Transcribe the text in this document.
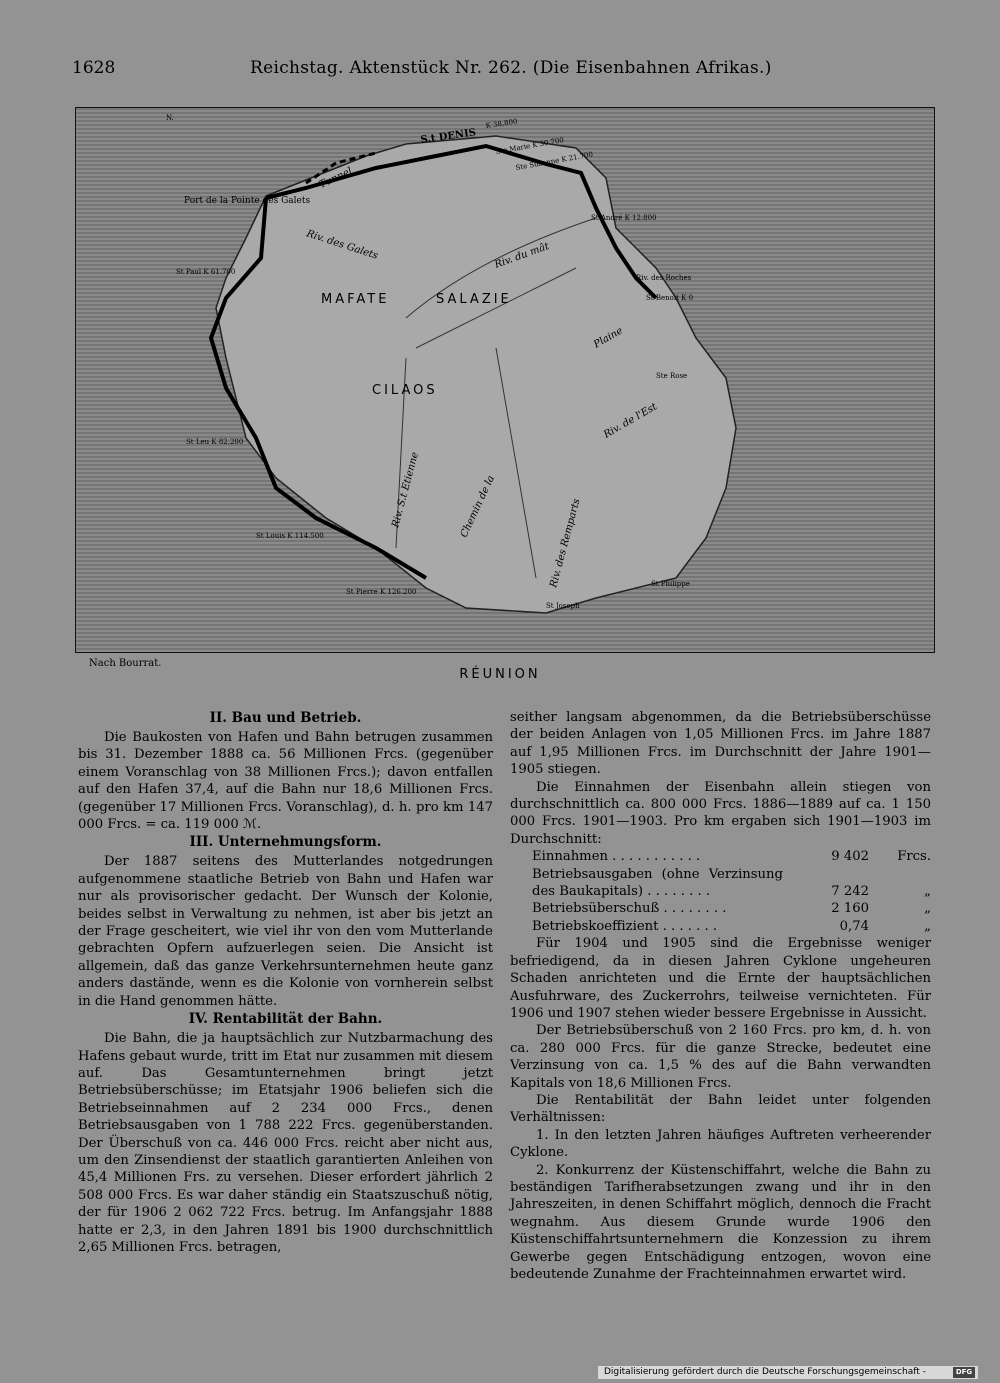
1628	Reichstag. Aktenstück Nr. 262. (Die Eisenbahnen Afrikas.)
MAFATE	SALAZIE
CILAOS
Riv. des Galets	Riv. du mât
Plaine
Riv. de l'Est
Riv. S.t Etienne	Chemin de la	Riv. des Remparts
Tunnel
Port de la Pointe des Galets
S.t DENIS
K 38,800
N.
Ste Marie K 30.700
Ste Suzanne K 21.700
St Benoit K 0
St André K 12.800
Ste Rose
Riv. des Roches
St Pierre K 126.200
St Louis K 114.500
St Leu K 82.200
St Paul K 61.700
St Joseph
St Philippe
Nach Bourrat.
RÉUNION
II. Bau und Betrieb.

Die Baukosten von Hafen und Bahn betrugen zusammen bis 31. Dezember 1888 ca. 56 Millionen Frcs. (gegenüber einem Voranschlag von 38 Millionen Frcs.); davon entfallen auf den Hafen 37,4, auf die Bahn nur 18,6 Millionen Frcs. (gegenüber 17 Millionen Frcs. Voranschlag), d. h. pro km 147 000 Frcs. = ca. 119 000 ℳ.

III. Unternehmungsform.

Der 1887 seitens des Mutterlandes notgedrungen aufgenommene staatliche Betrieb von Bahn und Hafen war nur als provisorischer gedacht. Der Wunsch der Kolonie, beides selbst in Verwaltung zu nehmen, ist aber bis jetzt an der Frage gescheitert, wie viel ihr von den vom Mutterlande gebrachten Opfern aufzuerlegen seien. Die Ansicht ist allgemein, daß das ganze Verkehrsunternehmen heute ganz anders dastände, wenn es die Kolonie von vornherein selbst in die Hand genommen hätte.

IV. Rentabilität der Bahn.

Die Bahn, die ja hauptsächlich zur Nutzbarmachung des Hafens gebaut wurde, tritt im Etat nur zusammen mit diesem auf. Das Gesamtunternehmen bringt jetzt Betriebsüberschüsse; im Etatsjahr 1906 beliefen sich die Betriebseinnahmen auf 2 234 000 Frcs., denen Betriebsausgaben von 1 788 222 Frcs. gegenüberstanden. Der Überschuß von ca. 446 000 Frcs. reicht aber nicht aus, um den Zinsendienst der staatlich garantierten Anleihen von 45,4 Millionen Frs. zu versehen. Dieser erfordert jährlich 2 508 000 Frcs. Es war daher ständig ein Staatszuschuß nötig, der für 1906 2 062 722 Frcs. betrug. Im Anfangsjahr 1888 hatte er 2,3, in den Jahren 1891 bis 1900 durchschnittlich 2,65 Millionen Frcs. betragen,

seither langsam abgenommen, da die Betriebsüberschüsse der beiden Anlagen von 1,05 Millionen Frcs. im Jahre 1887 auf 1,95 Millionen Frcs. im Durchschnitt der Jahre 1901—1905 stiegen.

Die Einnahmen der Eisenbahn allein stiegen von durchschnittlich ca. 800 000 Frcs. 1886—1889 auf ca. 1 150 000 Frcs. 1901—1903. Pro km ergaben sich 1901—1903 im Durchschnitt:

Einnahmen . . . . . . . . . . .	9 402	Frcs.
Betriebsausgaben (ohne Verzinsung des Baukapitals) . . . . . . . .	7 242	„
Betriebsüberschuß . . . . . . . .	2 160	„
Betriebskoeffizient . . . . . . .	0,74	„

Für 1904 und 1905 sind die Ergebnisse weniger befriedigend, da in diesen Jahren Cyklone ungeheuren Schaden anrichteten und die Ernte der hauptsächlichen Ausfuhrware, des Zuckerrohrs, teilweise vernichteten. Für 1906 und 1907 stehen wieder bessere Ergebnisse in Aussicht.

Der Betriebsüberschuß von 2 160 Frcs. pro km, d. h. von ca. 280 000 Frcs. für die ganze Strecke, bedeutet eine Verzinsung von ca. 1,5 % des auf die Bahn verwandten Kapitals von 18,6 Millionen Frcs.

Die Rentabilität der Bahn leidet unter folgenden Verhältnissen:

1. In den letzten Jahren häufiges Auftreten verheerender Cyklone.

2. Konkurrenz der Küstenschiffahrt, welche die Bahn zu beständigen Tarifherabsetzungen zwang und ihr in den Jahreszeiten, in denen Schiffahrt möglich, dennoch die Fracht wegnahm. Aus diesem Grunde wurde 1906 den Küstenschiffahrtsunternehmern die Konzession zu ihrem Gewerbe gegen Entschädigung entzogen, wovon eine bedeutende Zunahme der Frachteinnahmen erwartet wird.

Digitalisierung gefördert durch die Deutsche Forschungsgemeinschaft -	DFG
